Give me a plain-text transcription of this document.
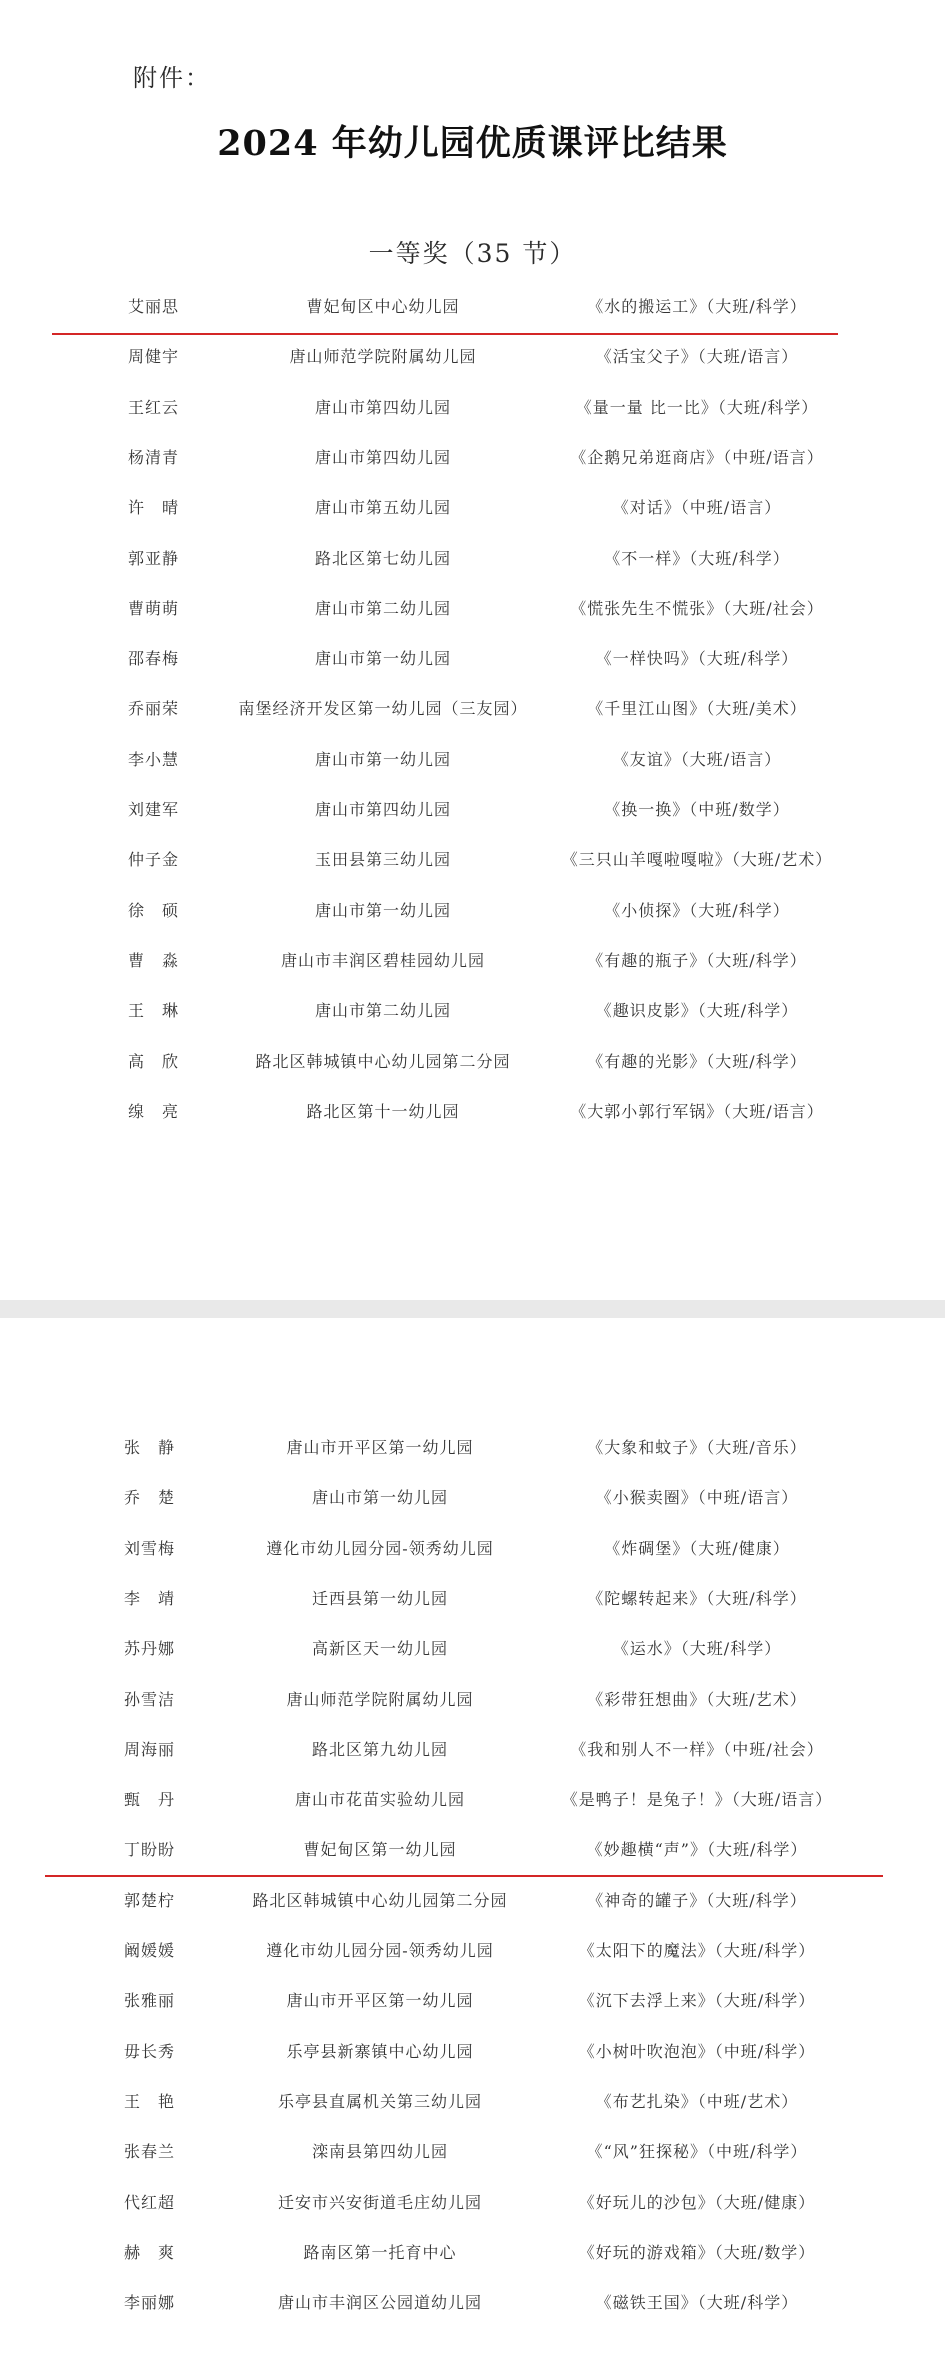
附件：
2024 年幼儿园优质课评比结果
一等奖（35 节）
艾丽思	曹妃甸区中心幼儿园	《水的搬运工》（大班/科学）
周健宇	唐山师范学院附属幼儿园	《活宝父子》（大班/语言）
王红云	唐山市第四幼儿园	《量一量 比一比》（大班/科学）
杨清青	唐山市第四幼儿园	《企鹅兄弟逛商店》（中班/语言）
许　晴	唐山市第五幼儿园	《对话》（中班/语言）
郭亚静	路北区第七幼儿园	《不一样》（大班/科学）
曹萌萌	唐山市第二幼儿园	《慌张先生不慌张》（大班/社会）
邵春梅	唐山市第一幼儿园	《一样快吗》（大班/科学）
乔丽荣	南堡经济开发区第一幼儿园（三友园）	《千里江山图》（大班/美术）
李小慧	唐山市第一幼儿园	《友谊》（大班/语言）
刘建军	唐山市第四幼儿园	《换一换》（中班/数学）
仲子金	玉田县第三幼儿园	《三只山羊嘎啦嘎啦》（大班/艺术）
徐　硕	唐山市第一幼儿园	《小侦探》（大班/科学）
曹　淼	唐山市丰润区碧桂园幼儿园	《有趣的瓶子》（大班/科学）
王　琳	唐山市第二幼儿园	《趣识皮影》（大班/科学）
高　欣	路北区韩城镇中心幼儿园第二分园	《有趣的光影》（大班/科学）
缐　亮	路北区第十一幼儿园	《大郭小郭行军锅》（大班/语言）
张　静	唐山市开平区第一幼儿园	《大象和蚊子》（大班/音乐）
乔　楚	唐山市第一幼儿园	《小猴卖圈》（中班/语言）
刘雪梅	遵化市幼儿园分园-领秀幼儿园	《炸碉堡》（大班/健康）
李　靖	迁西县第一幼儿园	《陀螺转起来》（大班/科学）
苏丹娜	高新区天一幼儿园	《运水》（大班/科学）
孙雪洁	唐山师范学院附属幼儿园	《彩带狂想曲》（大班/艺术）
周海丽	路北区第九幼儿园	《我和别人不一样》（中班/社会）
甄　丹	唐山市花苗实验幼儿园	《是鸭子！是兔子！》（大班/语言）
丁盼盼	曹妃甸区第一幼儿园	《妙趣横“声”》（大班/科学）
郭楚柠	路北区韩城镇中心幼儿园第二分园	《神奇的罐子》（大班/科学）
阚媛媛	遵化市幼儿园分园-领秀幼儿园	《太阳下的魔法》（大班/科学）
张雅丽	唐山市开平区第一幼儿园	《沉下去浮上来》（大班/科学）
毋长秀	乐亭县新寨镇中心幼儿园	《小树叶吹泡泡》（中班/科学）
王　艳	乐亭县直属机关第三幼儿园	《布艺扎染》（中班/艺术）
张春兰	滦南县第四幼儿园	《“风”狂探秘》（中班/科学）
代红超	迁安市兴安街道毛庄幼儿园	《好玩儿的沙包》（大班/健康）
赫　爽	路南区第一托育中心	《好玩的游戏箱》（大班/数学）
李丽娜	唐山市丰润区公园道幼儿园	《磁铁王国》（大班/科学）
